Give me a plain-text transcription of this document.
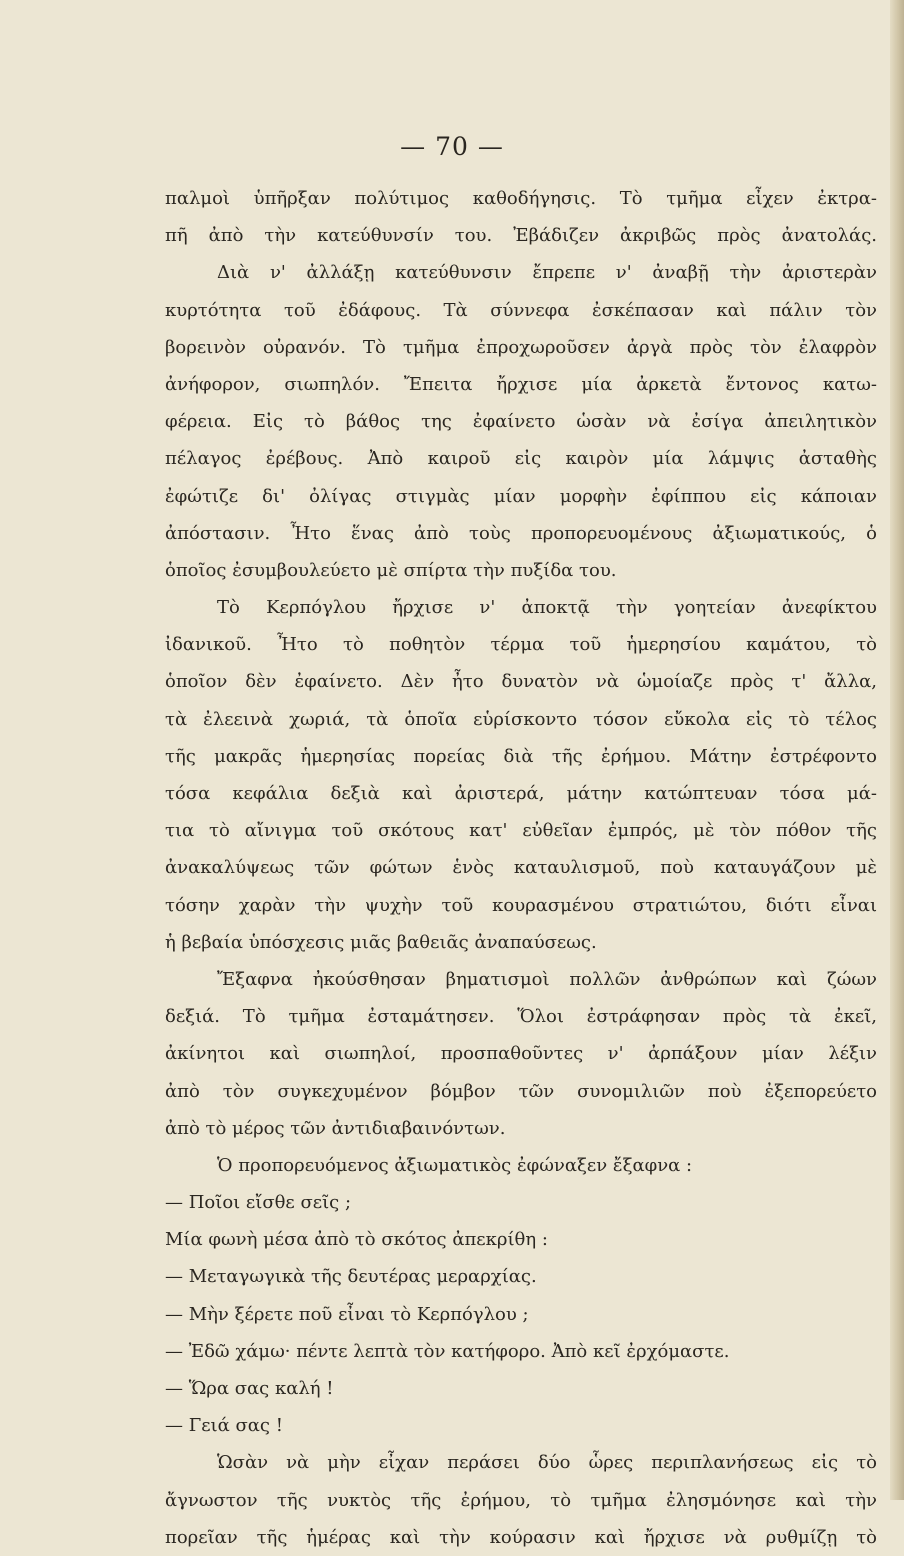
— 70 —
παλμοὶ ὑπῆρξαν πολύτιμος καθοδήγησις. Τὸ τμῆμα εἶχεν ἐκτρα-
πῆ ἀπὸ τὴν κατεύθυνσίν του. Ἐβάδιζεν ἀκριβῶς πρὸς ἀνατολάς.
Διὰ ν' ἀλλάξῃ κατεύθυνσιν ἔπρεπε ν' ἀναβῇ τὴν ἀριστερὰν
κυρτότητα τοῦ ἐδάφους. Τὰ σύννεφα ἐσκέπασαν καὶ πάλιν τὸν
βορεινὸν οὐρανόν. Τὸ τμῆμα ἐπροχωροῦσεν ἀργὰ πρὸς τὸν ἐλαφρὸν
ἀνήφορον, σιωπηλόν. Ἔπειτα ἤρχισε μία ἀρκετὰ ἔντονος κατω-
φέρεια. Εἰς τὸ βάθος της ἐφαίνετο ὡσὰν νὰ ἐσίγα ἀπειλητικὸν
πέλαγος ἐρέβους. Ἀπὸ καιροῦ εἰς καιρὸν μία λάμψις ἀσταθὴς
ἐφώτιζε δι' ὀλίγας στιγμὰς μίαν μορφὴν ἐφίππου εἰς κάποιαν
ἀπόστασιν. Ἦτο ἕνας ἀπὸ τοὺς προπορευομένους ἀξιωματικούς, ὁ
ὁποῖος ἐσυμβουλεύετο μὲ σπίρτα τὴν πυξίδα του.
Τὸ Κερπόγλου ἤρχισε ν' ἀποκτᾷ τὴν γοητείαν ἀνεφίκτου
ἰδανικοῦ. Ἦτο τὸ ποθητὸν τέρμα τοῦ ἡμερησίου καμάτου, τὸ
ὁποῖον δὲν ἐφαίνετο. Δὲν ἦτο δυνατὸν νὰ ὡμοίαζε πρὸς τ' ἄλλα,
τὰ ἐλεεινὰ χωριά, τὰ ὁποῖα εὑρίσκοντο τόσον εὔκολα εἰς τὸ τέλος
τῆς μακρᾶς ἡμερησίας πορείας διὰ τῆς ἐρήμου. Μάτην ἐστρέφοντο
τόσα κεφάλια δεξιὰ καὶ ἀριστερά, μάτην κατώπτευαν τόσα μά-
τια τὸ αἴνιγμα τοῦ σκότους κατ' εὐθεῖαν ἐμπρός, μὲ τὸν πόθον τῆς
ἀνακαλύψεως τῶν φώτων ἑνὸς καταυλισμοῦ, ποὺ καταυγάζουν μὲ
τόσην χαρὰν τὴν ψυχὴν τοῦ κουρασμένου στρατιώτου, διότι εἶναι
ἡ βεβαία ὑπόσχεσις μιᾶς βαθειᾶς ἀναπαύσεως.
Ἔξαφνα ἠκούσθησαν βηματισμοὶ πολλῶν ἀνθρώπων καὶ ζώων
δεξιά. Τὸ τμῆμα ἐσταμάτησεν. Ὅλοι ἐστράφησαν πρὸς τὰ ἐκεῖ,
ἀκίνητοι καὶ σιωπηλοί, προσπαθοῦντες ν' ἀρπάξουν μίαν λέξιν
ἀπὸ τὸν συγκεχυμένον βόμβον τῶν συνομιλιῶν ποὺ ἐξεπορεύετο
ἀπὸ τὸ μέρος τῶν ἀντιδιαβαινόντων.
Ὁ προπορευόμενος ἀξιωματικὸς ἐφώναξεν ἔξαφνα :
— Ποῖοι εἴσθε σεῖς ;
Μία φωνὴ μέσα ἀπὸ τὸ σκότος ἀπεκρίθη :
— Μεταγωγικὰ τῆς δευτέρας μεραρχίας.
— Μὴν ξέρετε ποῦ εἶναι τὸ Κερπόγλου ;
— Ἐδῶ χάμω· πέντε λεπτὰ τὸν κατήφορο. Ἀπὸ κεῖ ἐρχόμαστε.
— Ὥρα σας καλή !
— Γειά σας !
Ὡσὰν νὰ μὴν εἶχαν περάσει δύο ὧρες περιπλανήσεως εἰς τὸ
ἄγνωστον τῆς νυκτὸς τῆς ἐρήμου, τὸ τμῆμα ἐλησμόνησε καὶ τὴν
πορεῖαν τῆς ἡμέρας καὶ τὴν κούρασιν καὶ ἤρχισε νὰ ρυθμίζῃ τὸ
